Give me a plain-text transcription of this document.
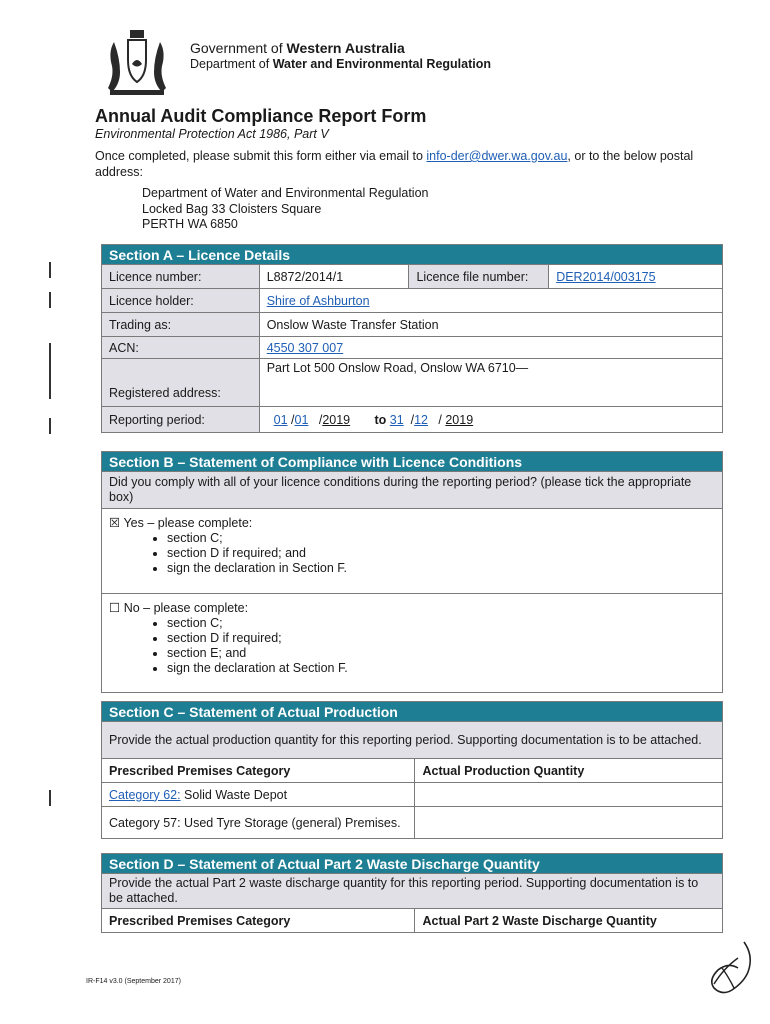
Government of Western Australia
Department of Water and Environmental Regulation
Annual Audit Compliance Report Form
Environmental Protection Act 1986, Part V
Once completed, please submit this form either via email to info-der@dwer.wa.gov.au, or to the below postal address:
Department of Water and Environmental Regulation
Locked Bag 33 Cloisters Square
PERTH WA 6850
Section A – Licence Details			
Licence number:	L8872/2014/1	Licence file number:	DER2014/003175
Licence holder:	Shire of Ashburton		
Trading as:	Onslow Waste Transfer Station		
ACN:	4550 307 007		
Registered address:	Part Lot 500 Onslow Road, Onslow WA 6710—		
Reporting period:	01 /01   /2019 to 31  /12   / 2019		
Section B – Statement of Compliance with Licence Conditions
Did you comply with all of your licence conditions during the reporting period? (please tick the appropriate box)
☒ Yes – please complete:
• section C;
• section D if required; and
• sign the declaration in Section F.

☐ No – please complete:
• section C;
• section D if required;
• section E; and
• sign the declaration at Section F.
Section C – Statement of Actual Production	
Provide the actual production quantity for this reporting period. Supporting documentation is to be attached.	
Prescribed Premises Category	Actual Production Quantity
Category 62: Solid Waste Depot	
Category 57: Used Tyre Storage (general) Premises.	
Section D – Statement of Actual Part 2 Waste Discharge Quantity
Provide the actual Part 2 waste discharge quantity for this reporting period. Supporting documentation is to be attached.
Prescribed Premises Category	Actual Part 2 Waste Discharge Quantity
IR-F14 v3.0 (September 2017)
